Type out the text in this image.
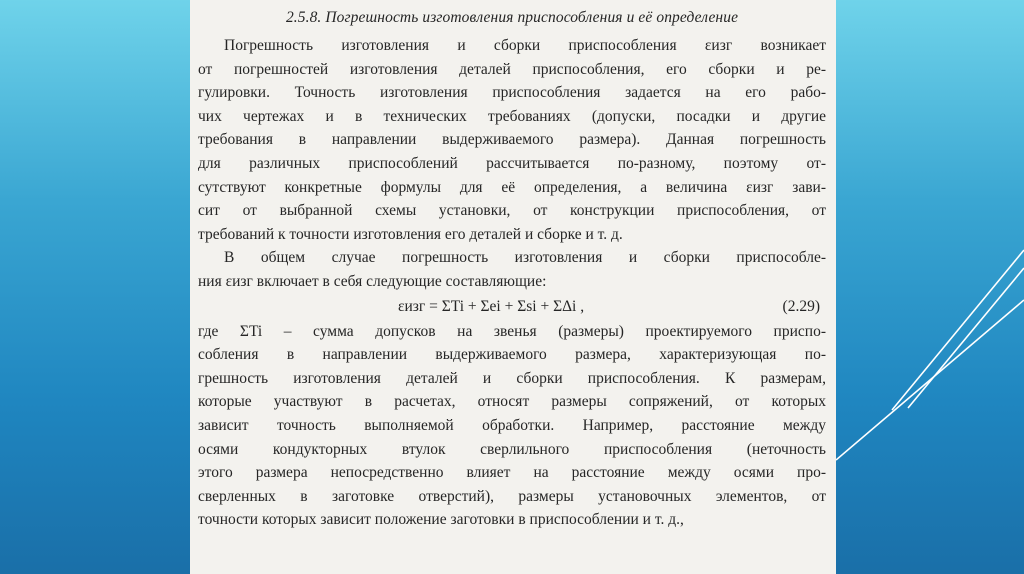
2.5.8. Погрешность изготовления приспособления и её определение
Погрешность изготовления и сборки приспособления εизг возникает
от погрешностей изготовления деталей приспособления, его сборки и ре-
гулировки. Точность изготовления приспособления задается на его рабо-
чих чертежах и в технических требованиях (допуски, посадки и другие
требования в направлении выдерживаемого размера). Данная погрешность
для различных приспособлений рассчитывается по-разному, поэтому от-
сутствуют конкретные формулы для её определения, а величина εизг зави-
сит от выбранной схемы установки, от конструкции приспособления, от
требований к точности изготовления его деталей и сборке и т. д.
В общем случае погрешность изготовления и сборки приспособле-
ния εизг включает в себя следующие составляющие:
εизг = ΣTi + Σei + Σsi + ΣΔi ,	(2.29)
где ΣTi – сумма допусков на звенья (размеры) проектируемого приспо-
собления в направлении выдерживаемого размера, характеризующая по-
грешность изготовления деталей и сборки приспособления. К размерам,
которые участвуют в расчетах, относят размеры сопряжений, от которых
зависит точность выполняемой обработки. Например, расстояние между
осями кондукторных втулок сверлильного приспособления (неточность
этого размера непосредственно влияет на расстояние между осями про-
сверленных в заготовке отверстий), размеры установочных элементов, от
точности которых зависит положение заготовки в приспособлении и т. д.,
